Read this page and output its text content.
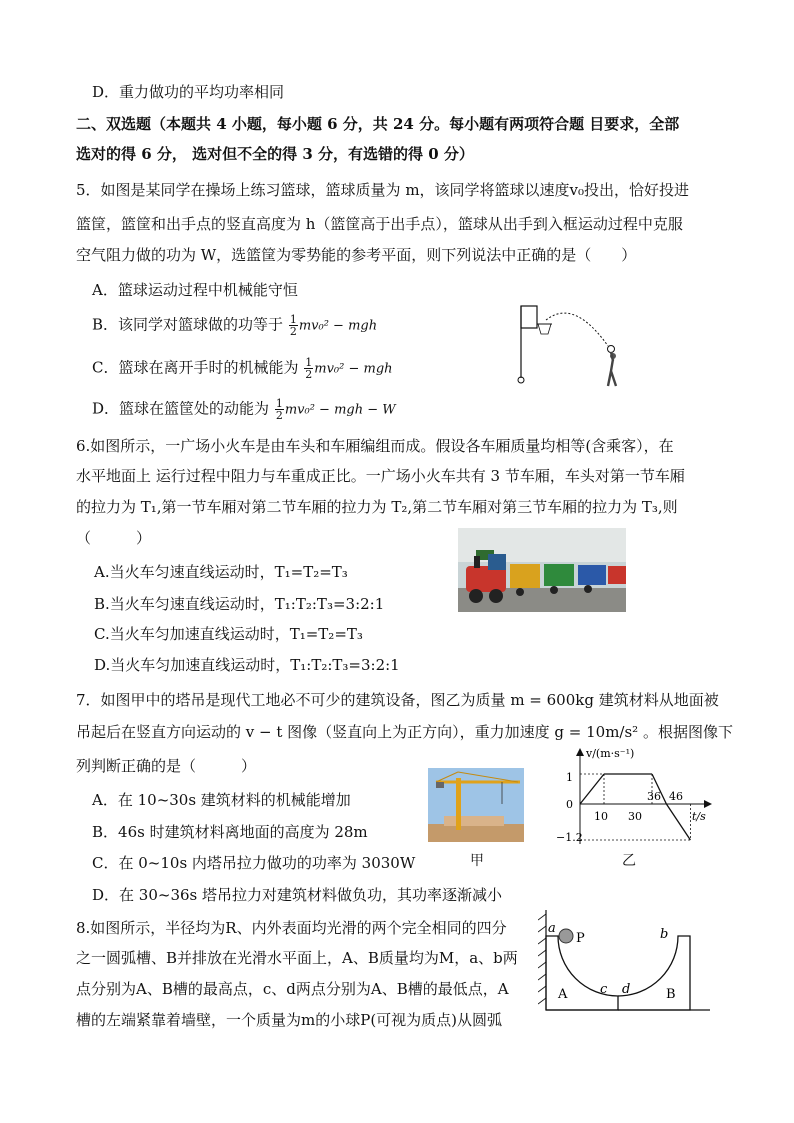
D．重力做功的平均功率相同
二、双选题（本题共 4 小题，每小题 6 分，共 24 分。每小题有两项符合题 目要求，全部
选对的得 6 分， 选对但不全的得 3 分，有选错的得 0 分）
5．如图是某同学在操场上练习篮球，篮球质量为 m，该同学将篮球以速度v₀投出，恰好投进
篮筐，篮筐和出手点的竖直高度为 h（篮筐高于出手点），篮球从出手到入框运动过程中克服
空气阻力做的功为 W，选篮筐为零势能的参考平面，则下列说法中正确的是（　　）
A．篮球运动过程中机械能守恒
B．该同学对篮球做的功等于 $\frac{1}{2} mv_0^2$ − mgh
C．篮球在离开手时的机械能为 $\frac{1}{2} mv_0^2$ − mgh
D．篮球在篮筐处的动能为 $\frac{1}{2} mv_0^2$ − mgh − W
6.如图所示，一广场小火车是由车头和车厢编组而成。假设各车厢质量均相等(含乘客），在
水平地面上 运行过程中阻力与车重成正比。一广场小火车共有 3 节车厢，车头对第一节车厢
的拉力为 T₁,第一节车厢对第二节车厢的拉力为 T₂,第二节车厢对第三节车厢的拉力为 T₃,则
（　　　）
A.当火车匀速直线运动时，T₁=T₂=T₃
B.当火车匀速直线运动时，T₁:T₂:T₃=3:2:1
C.当火车匀加速直线运动时，T₁=T₂=T₃
D.当火车匀加速直线运动时，T₁:T₂:T₃=3:2:1
7．如图甲中的塔吊是现代工地必不可少的建筑设备，图乙为质量 m = 600kg 建筑材料从地面被
吊起后在竖直方向运动的 v − t 图像（竖直向上为正方向），重力加速度 g = 10m/s² 。根据图像下
列判断正确的是（　　　）
A．在 10~30s 建筑材料的机械能增加
B．46s 时建筑材料离地面的高度为 28m
C．在 0~10s 内塔吊拉力做功的功率为 3030W
D．在 30~36s 塔吊拉力对建筑材料做负功，其功率逐渐减小
甲
v/(m·s⁻¹)
t/s
1
0
−1.2
10 30
36 46
乙
8.如图所示，半径均为R、内外表面均光滑的两个完全相同的四分
之一圆弧槽、B并排放在光滑水平面上，A、B质量均为M，a、b两
点分别为A、B槽的最高点，c、d两点分别为A、B槽的最低点，A
槽的左端紧靠着墙壁，一个质量为m的小球P(可视为质点)从圆弧
a
P	b
c d
A	B
